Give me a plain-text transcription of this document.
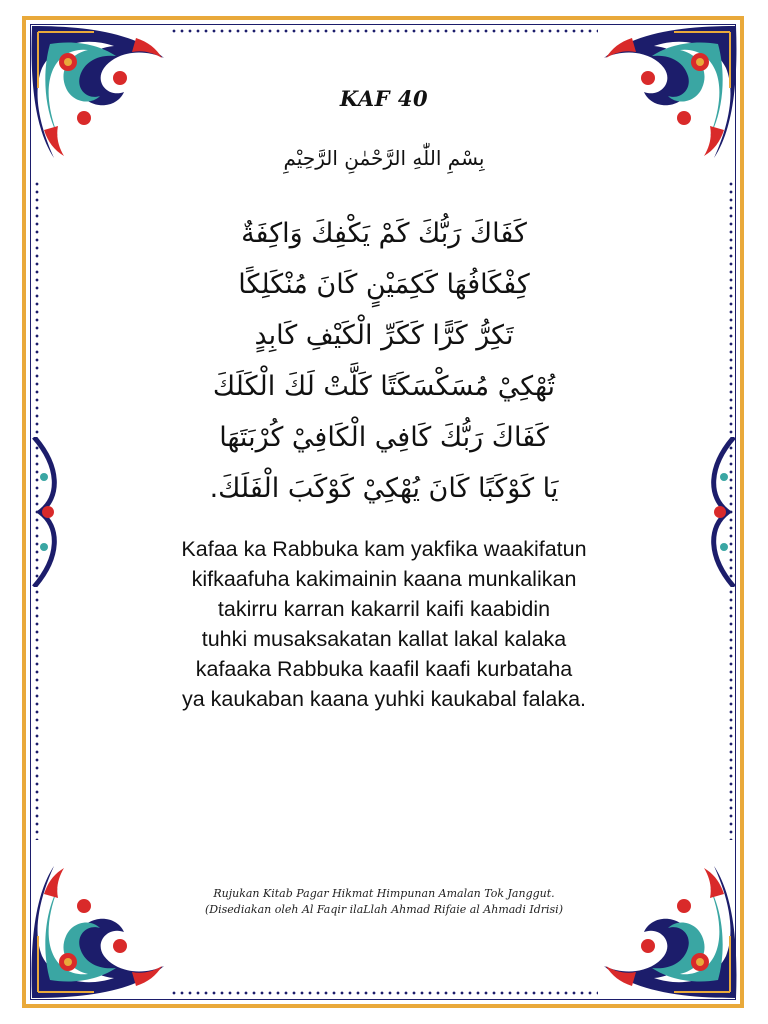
KAF 40
بِسْمِ اللّٰهِ الرَّحْمٰنِ الرَّحِيْمِ
كَفَاكَ رَبُّكَ كَمْ يَكْفِكَ وَاكِفَةٌ
كِفْكَافُهَا كَكِمَيْنٍ كَانَ مُنْكَلِكًا
تَكِرُّ كَرًّا كَكَرِّ الْكَيْفِ كَابِدٍ
تُهْكِيْ مُسَكْسَكَتًا كَلَّتْ لَكَ الْكَلَكَ
كَفَاكَ رَبُّكَ كَافِي الْكَافِيْ كُرْبَتَهَا
يَا كَوْكَبًا كَانَ يُهْكِيْ كَوْكَبَ الْفَلَكَ.
Kafaa ka Rabbuka kam yakfika waakifatun
kifkaafuha kakimainin kaana munkalikan
takirru karran kakarril kaifi kaabidin
tuhki musaksakatan kallat lakal kalaka
kafaaka Rabbuka kaafil kaafi kurbataha
ya kaukaban kaana yuhki kaukabal falaka.
Rujukan Kitab Pagar Hikmat Himpunan Amalan Tok Janggut.
(Disediakan oleh Al Faqir ilaLlah Ahmad Rifaie al Ahmadi Idrisi)
